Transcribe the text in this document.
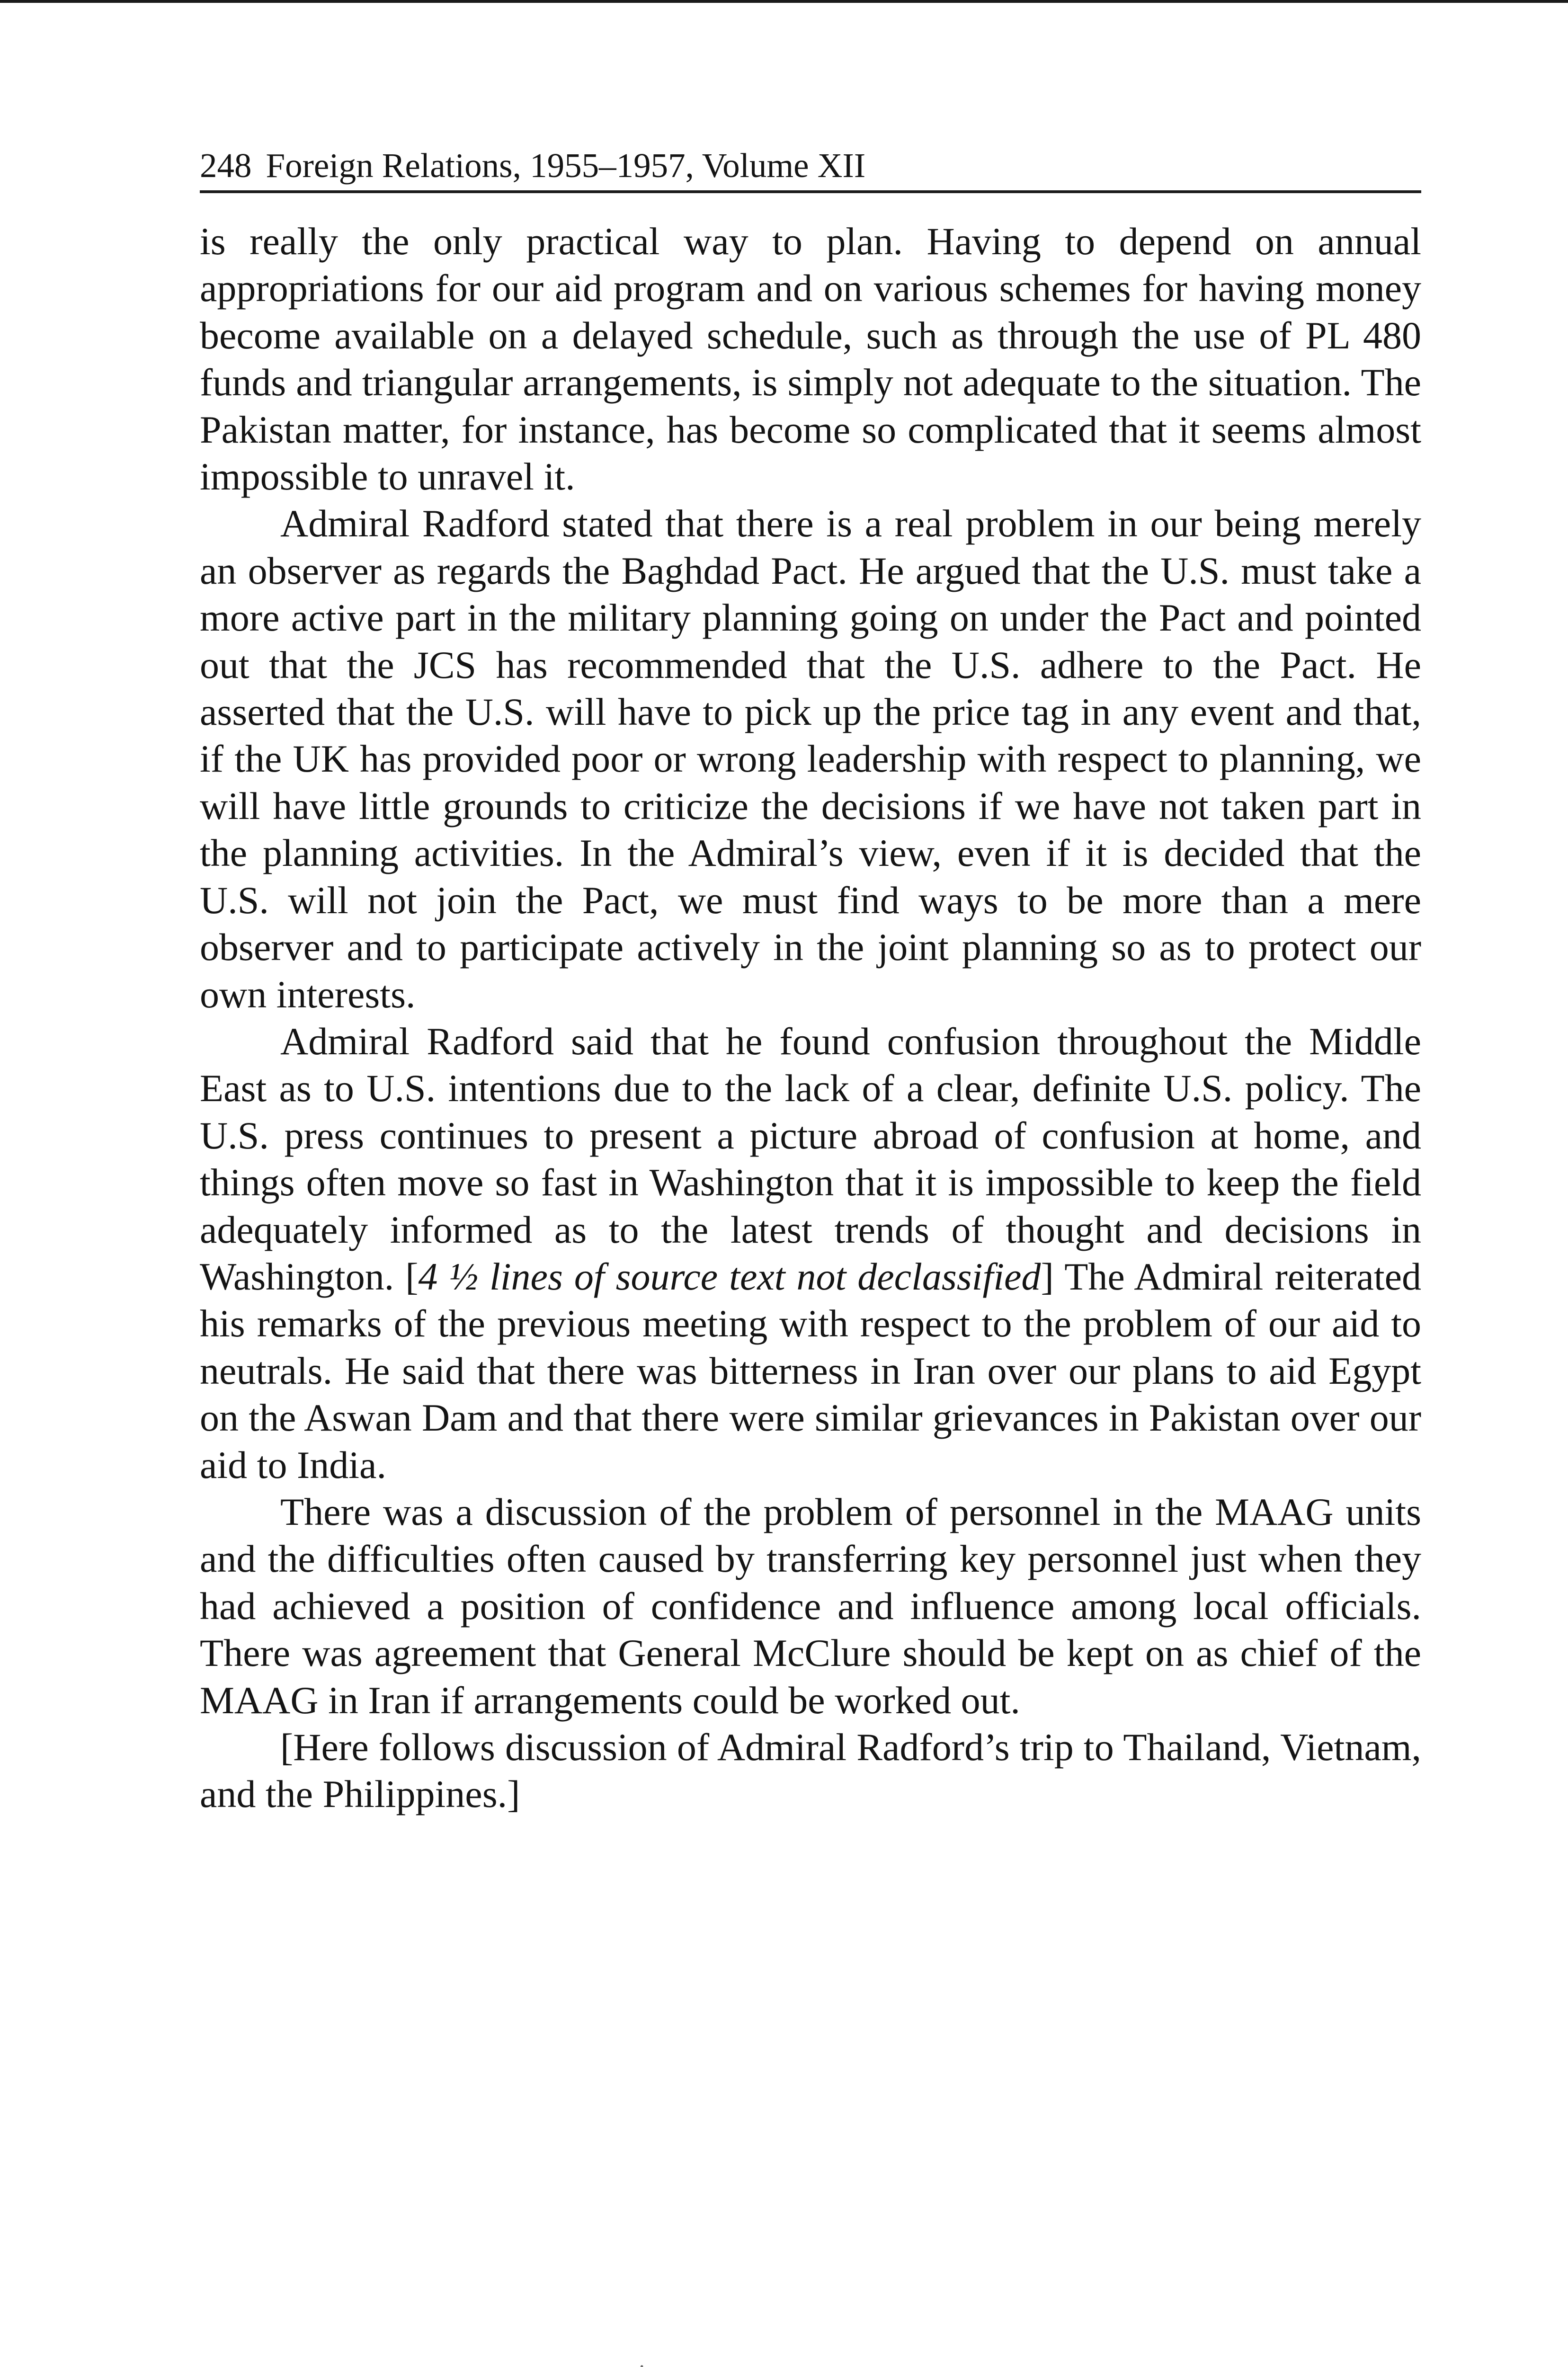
248 Foreign Relations, 1955–1957, Volume XII

is really the only practical way to plan. Having to depend on annual appropriations for our aid program and on various schemes for having money become available on a delayed schedule, such as through the use of PL 480 funds and triangular arrangements, is simply not adequate to the situation. The Pakistan matter, for instance, has become so complicated that it seems almost impossible to unravel it.

Admiral Radford stated that there is a real problem in our being merely an observer as regards the Baghdad Pact. He argued that the U.S. must take a more active part in the military planning going on under the Pact and pointed out that the JCS has recommended that the U.S. adhere to the Pact. He asserted that the U.S. will have to pick up the price tag in any event and that, if the UK has provided poor or wrong leadership with respect to planning, we will have little grounds to criticize the decisions if we have not taken part in the planning activities. In the Admiral’s view, even if it is decided that the U.S. will not join the Pact, we must find ways to be more than a mere observer and to participate actively in the joint planning so as to protect our own interests.

Admiral Radford said that he found confusion throughout the Middle East as to U.S. intentions due to the lack of a clear, definite U.S. policy. The U.S. press continues to present a picture abroad of confusion at home, and things often move so fast in Washington that it is impossible to keep the field adequately informed as to the latest trends of thought and decisions in Washington. [4 ½ lines of source text not declassified] The Admiral reiterated his remarks of the previous meeting with respect to the problem of our aid to neutrals. He said that there was bitterness in Iran over our plans to aid Egypt on the Aswan Dam and that there were similar grievances in Pakistan over our aid to India.

There was a discussion of the problem of personnel in the MAAG units and the difficulties often caused by transferring key personnel just when they had achieved a position of confidence and influence among local officials. There was agreement that General McClure should be kept on as chief of the MAAG in Iran if arrangements could be worked out.

[Here follows discussion of Admiral Radford’s trip to Thailand, Vietnam, and the Philippines.]
